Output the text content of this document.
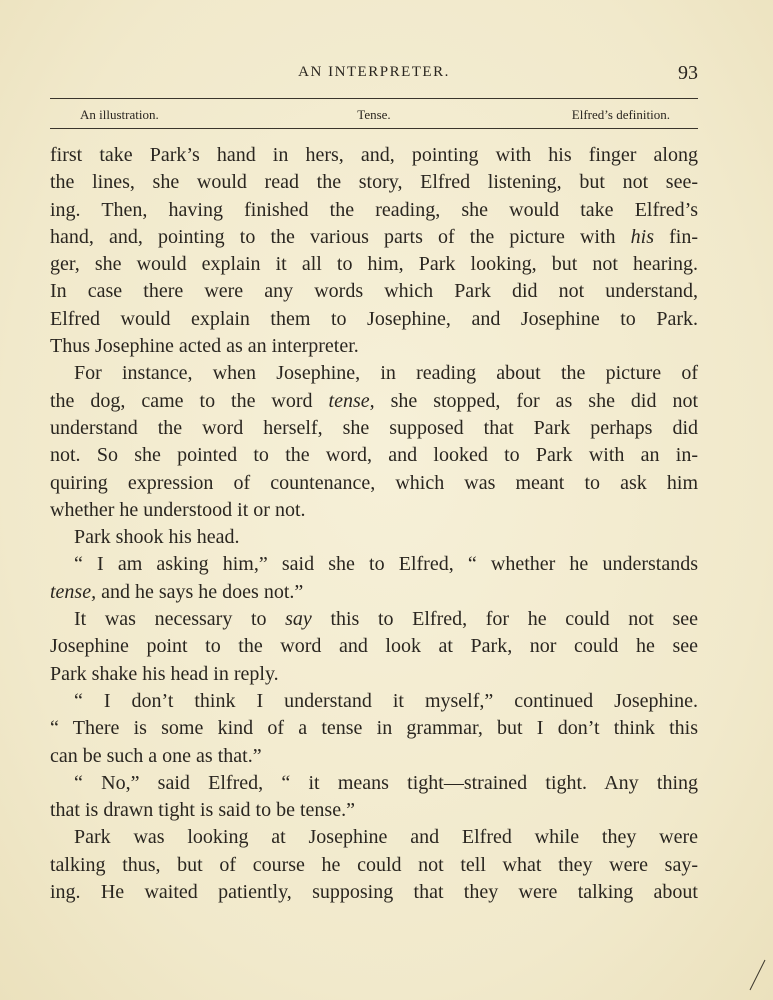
AN INTERPRETER.	93
An illustration.	Tense.	Elfred’s definition.
first take Park’s hand in hers, and, pointing with his finger along
the lines, she would read the story, Elfred listening, but not see-
ing. Then, having finished the reading, she would take Elfred’s
hand, and, pointing to the various parts of the picture with his fin-
ger, she would explain it all to him, Park looking, but not hearing.
In case there were any words which Park did not understand,
Elfred would explain them to Josephine, and Josephine to Park.
Thus Josephine acted as an interpreter.
For instance, when Josephine, in reading about the picture of
the dog, came to the word tense, she stopped, for as she did not
understand the word herself, she supposed that Park perhaps did
not. So she pointed to the word, and looked to Park with an in-
quiring expression of countenance, which was meant to ask him
whether he understood it or not.
Park shook his head.
“ I am asking him,” said she to Elfred, “ whether he understands
tense, and he says he does not.”
It was necessary to say this to Elfred, for he could not see
Josephine point to the word and look at Park, nor could he see
Park shake his head in reply.
“ I don’t think I understand it myself,” continued Josephine.
“ There is some kind of a tense in grammar, but I don’t think this
can be such a one as that.”
“ No,” said Elfred, “ it means tight—strained tight. Any thing
that is drawn tight is said to be tense.”
Park was looking at Josephine and Elfred while they were
talking thus, but of course he could not tell what they were say-
ing. He waited patiently, supposing that they were talking about
